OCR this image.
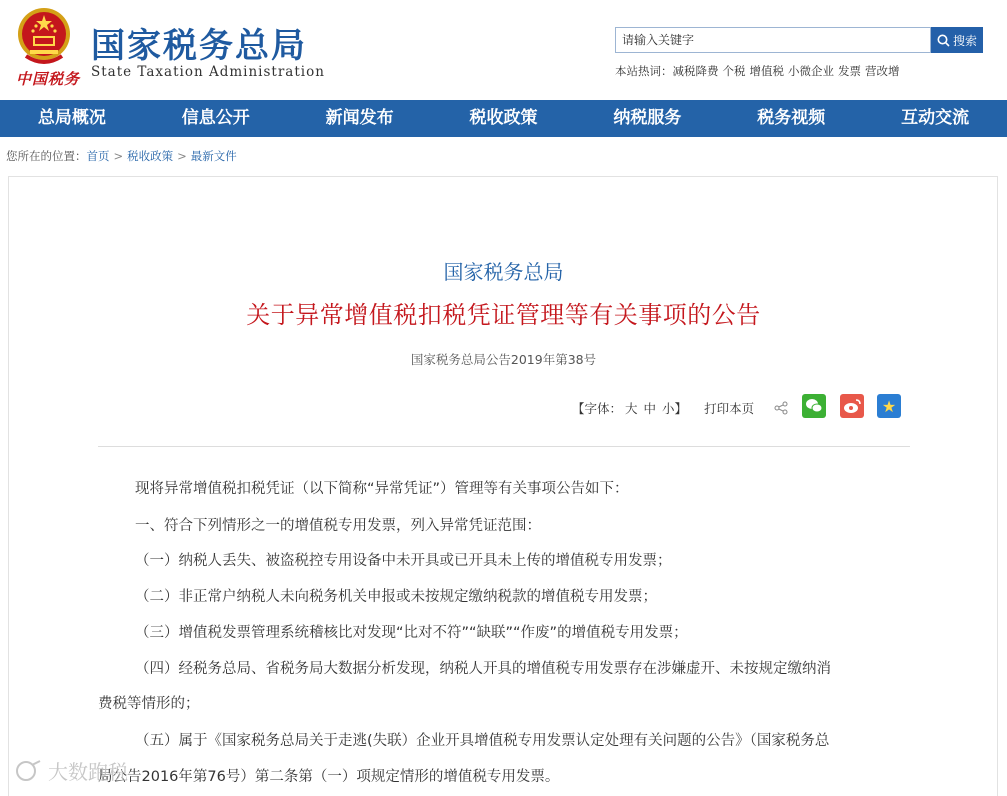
中国税务
国家税务总局
State Taxation Administration
请输入关键字
搜索
本站热词：减税降费 个税 增值税 小微企业 发票 营改增
总局概况	信息公开	新闻发布	税收政策	纳税服务	税务视频	互动交流
您所在的位置：首页 > 税收政策 > 最新文件
国家税务总局
关于异常增值税扣税凭证管理等有关事项的公告
国家税务总局公告2019年第38号
【字体： 大 中 小】 打印本页	★
现将异常增值税扣税凭证（以下简称“异常凭证”）管理等有关事项公告如下：
一、符合下列情形之一的增值税专用发票，列入异常凭证范围：
（一）纳税人丢失、被盗税控专用设备中未开具或已开具未上传的增值税专用发票；
（二）非正常户纳税人未向税务机关申报或未按规定缴纳税款的增值税专用发票；
（三）增值税发票管理系统稽核比对发现“比对不符”“缺联”“作废”的增值税专用发票；
（四）经税务总局、省税务局大数据分析发现，纳税人开具的增值税专用发票存在涉嫌虚开、未按规定缴纳消
费税等情形的；
（五）属于《国家税务总局关于走逃(失联）企业开具增值税专用发票认定处理有关问题的公告》（国家税务总
局公告2016年第76号）第二条第（一）项规定情形的增值税专用发票。
大数跑税
